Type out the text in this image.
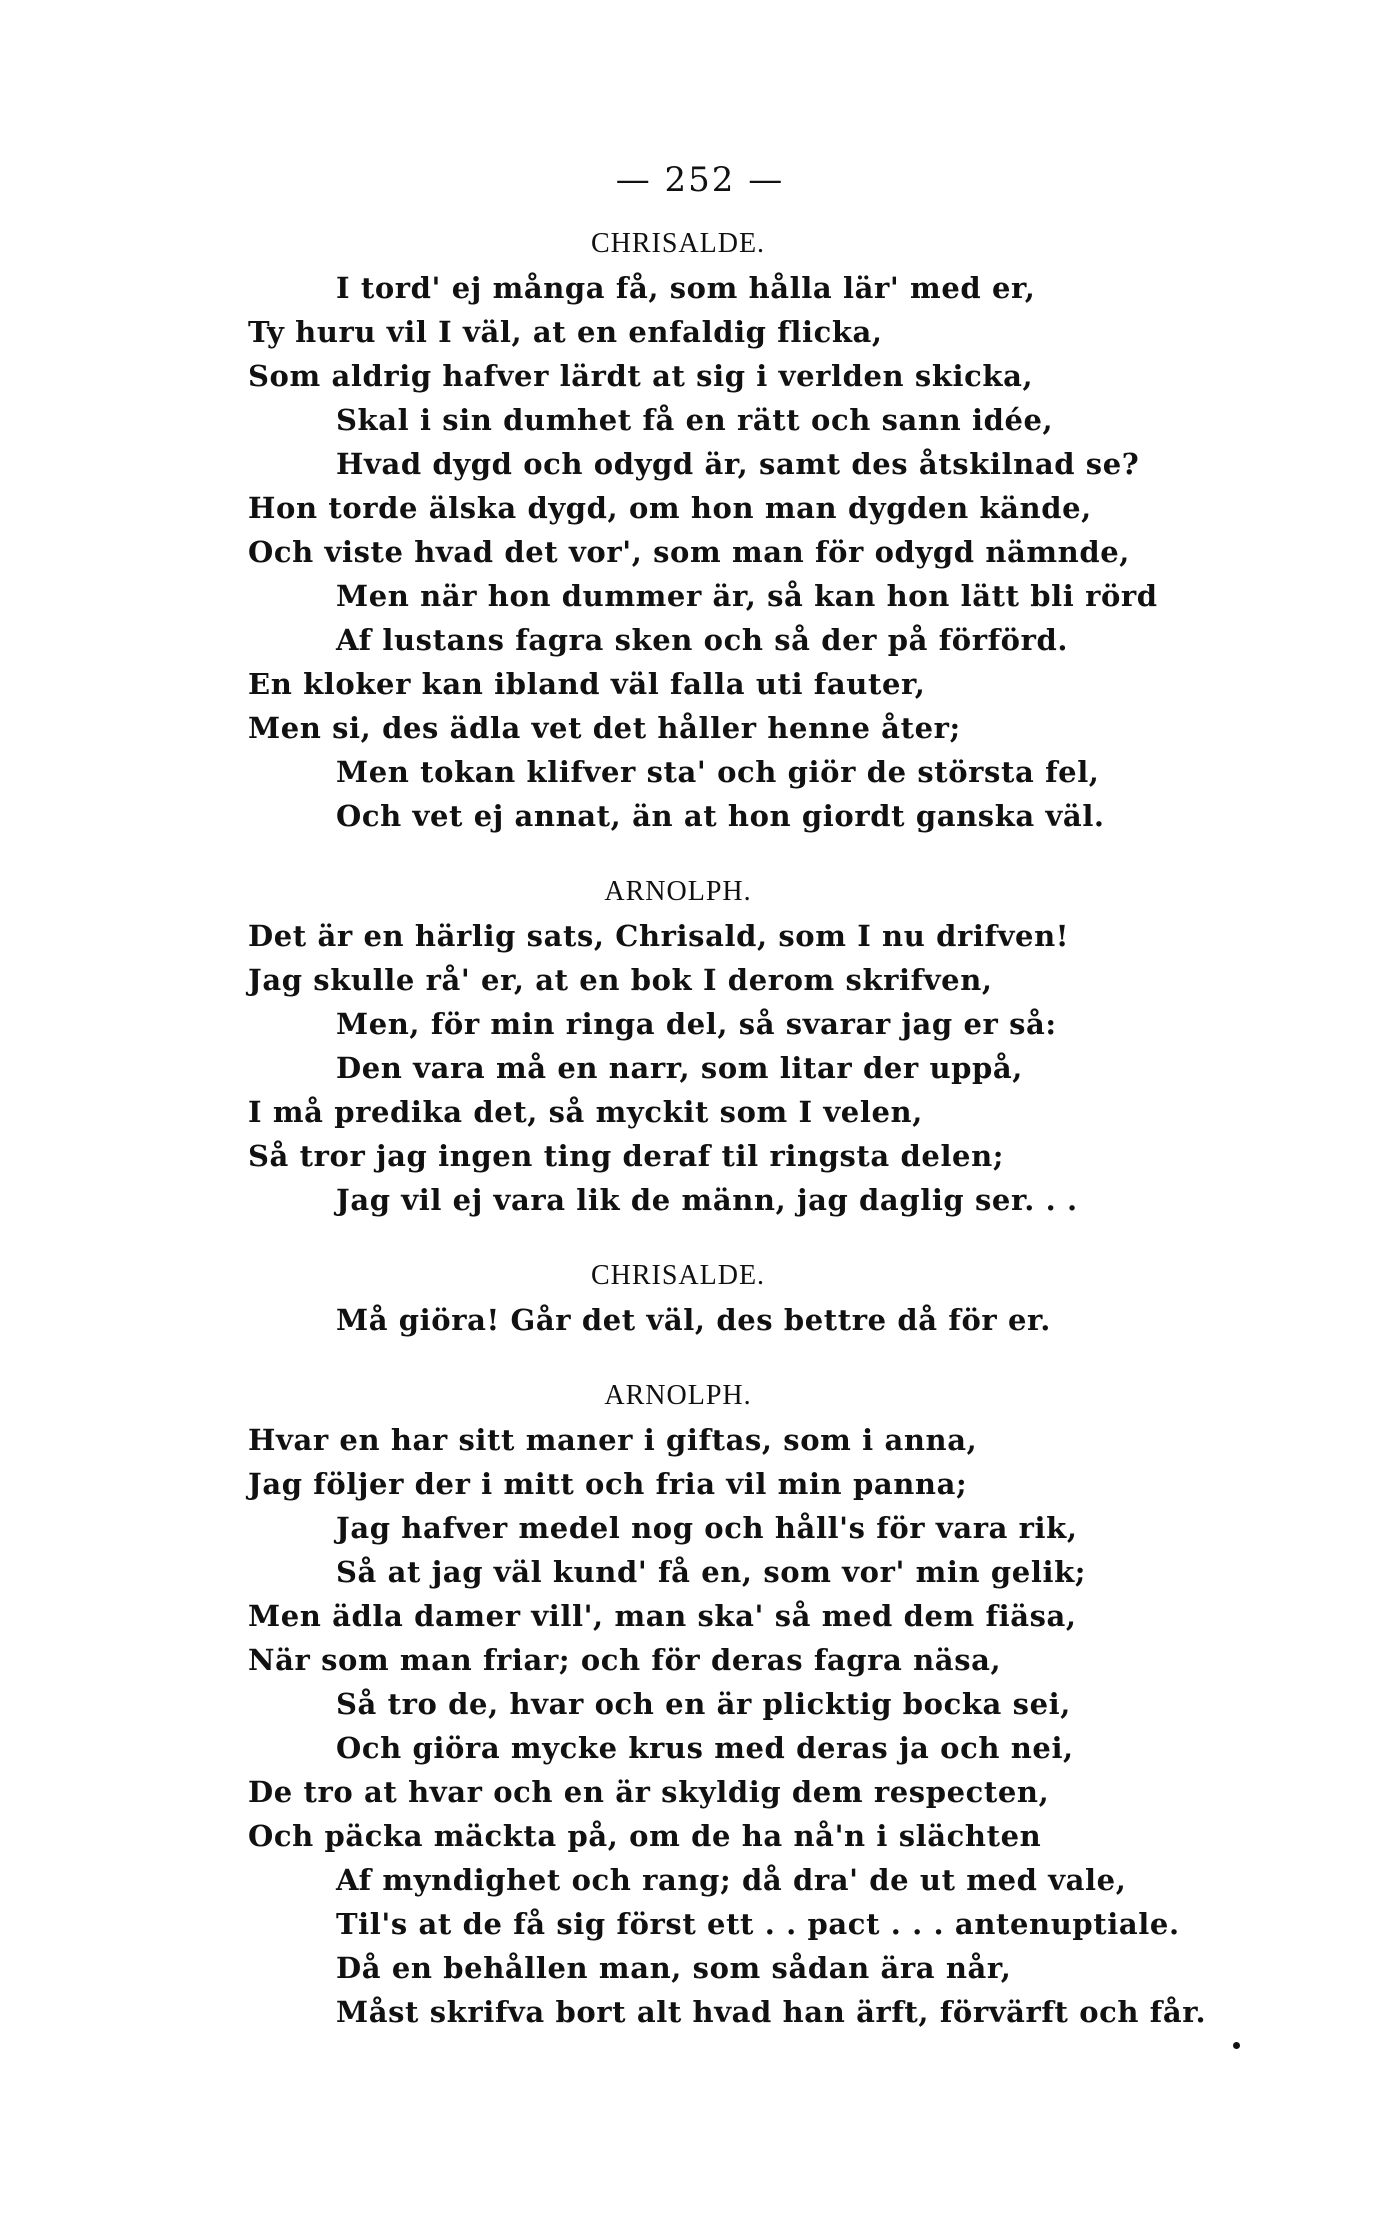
— 252 —
CHRISALDE.
I tord' ej många få, som hålla lär' med er,
Ty huru vil I väl, at en enfaldig flicka,
Som aldrig hafver lärdt at sig i verlden skicka,
Skal i sin dumhet få en rätt och sann idée,
Hvad dygd och odygd är, samt des åtskilnad se?
Hon torde älska dygd, om hon man dygden kände,
Och viste hvad det vor', som man för odygd nämnde,
Men när hon dummer är, så kan hon lätt bli rörd
Af lustans fagra sken och så der på förförd.
En kloker kan ibland väl falla uti fauter,
Men si, des ädla vet det håller henne åter;
Men tokan klifver sta' och giör de största fel,
Och vet ej annat, än at hon giordt ganska väl.
ARNOLPH.
Det är en härlig sats, Chrisald, som I nu drifven!
Jag skulle rå' er, at en bok I derom skrifven,
Men, för min ringa del, så svarar jag er så:
Den vara må en narr, som litar der uppå,
I må predika det, så myckit som I velen,
Så tror jag ingen ting deraf til ringsta delen;
Jag vil ej vara lik de männ, jag daglig ser. . .
CHRISALDE.
Må giöra! Går det väl, des bettre då för er.
ARNOLPH.
Hvar en har sitt maner i giftas, som i anna,
Jag följer der i mitt och fria vil min panna;
Jag hafver medel nog och håll's för vara rik,
Så at jag väl kund' få en, som vor' min gelik;
Men ädla damer vill', man ska' så med dem fiäsa,
När som man friar; och för deras fagra näsa,
Så tro de, hvar och en är plicktig bocka sei,
Och giöra mycke krus med deras ja och nei,
De tro at hvar och en är skyldig dem respecten,
Och päcka mäckta på, om de ha nå'n i slächten
Af myndighet och rang; då dra' de ut med vale,
Til's at de få sig först ett . . pact . . . antenuptiale.
Då en behållen man, som sådan ära når,
Måst skrifva bort alt hvad han ärft, förvärft och får.
